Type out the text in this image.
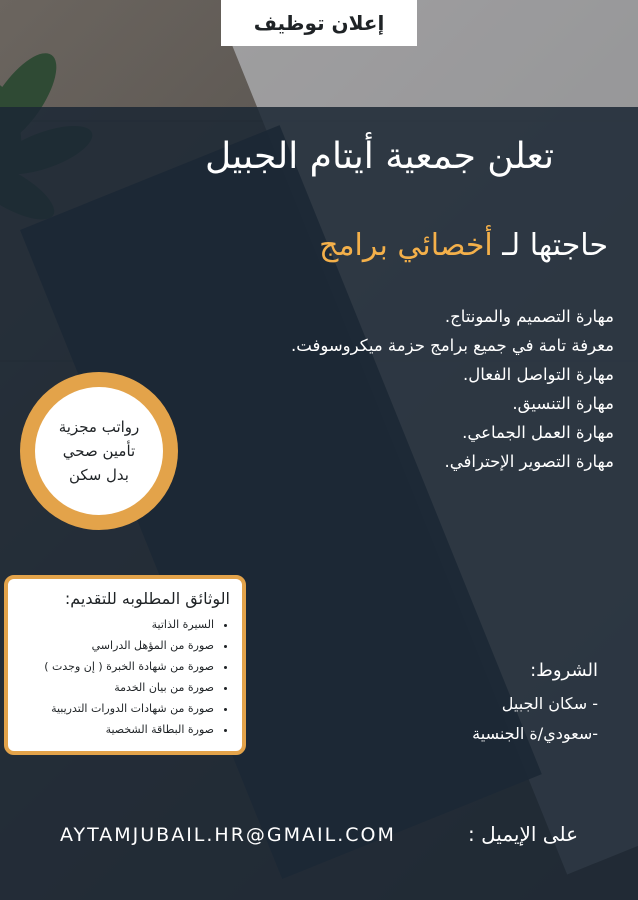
إعلان توظيف
تعلن جمعية أيتام الجبيل
حاجتها لـ أخصائي برامج
مهارة التصميم والمونتاج.
معرفة تامة في جميع برامج حزمة ميكروسوفت.
مهارة التواصل الفعال.
مهارة التنسيق.
مهارة العمل الجماعي.
مهارة التصوير الإحترافي.
رواتب مجزية
تأمين صحي
بدل سكن
الوثائق المطلوبه للتقديم:
• السيرة الذاتية
• صورة من المؤهل الدراسي
• صورة من شهادة الخبرة ( إن وجدت )
• صورة من بيان الخدمة
• صورة من شهادات الدورات التدريبية
• صورة البطاقة الشخصية
الشروط:
- سكان الجبيل
-سعودي/ة الجنسية
على الإيميل :
AYTAMJUBAIL.HR@GMAIL.COM
